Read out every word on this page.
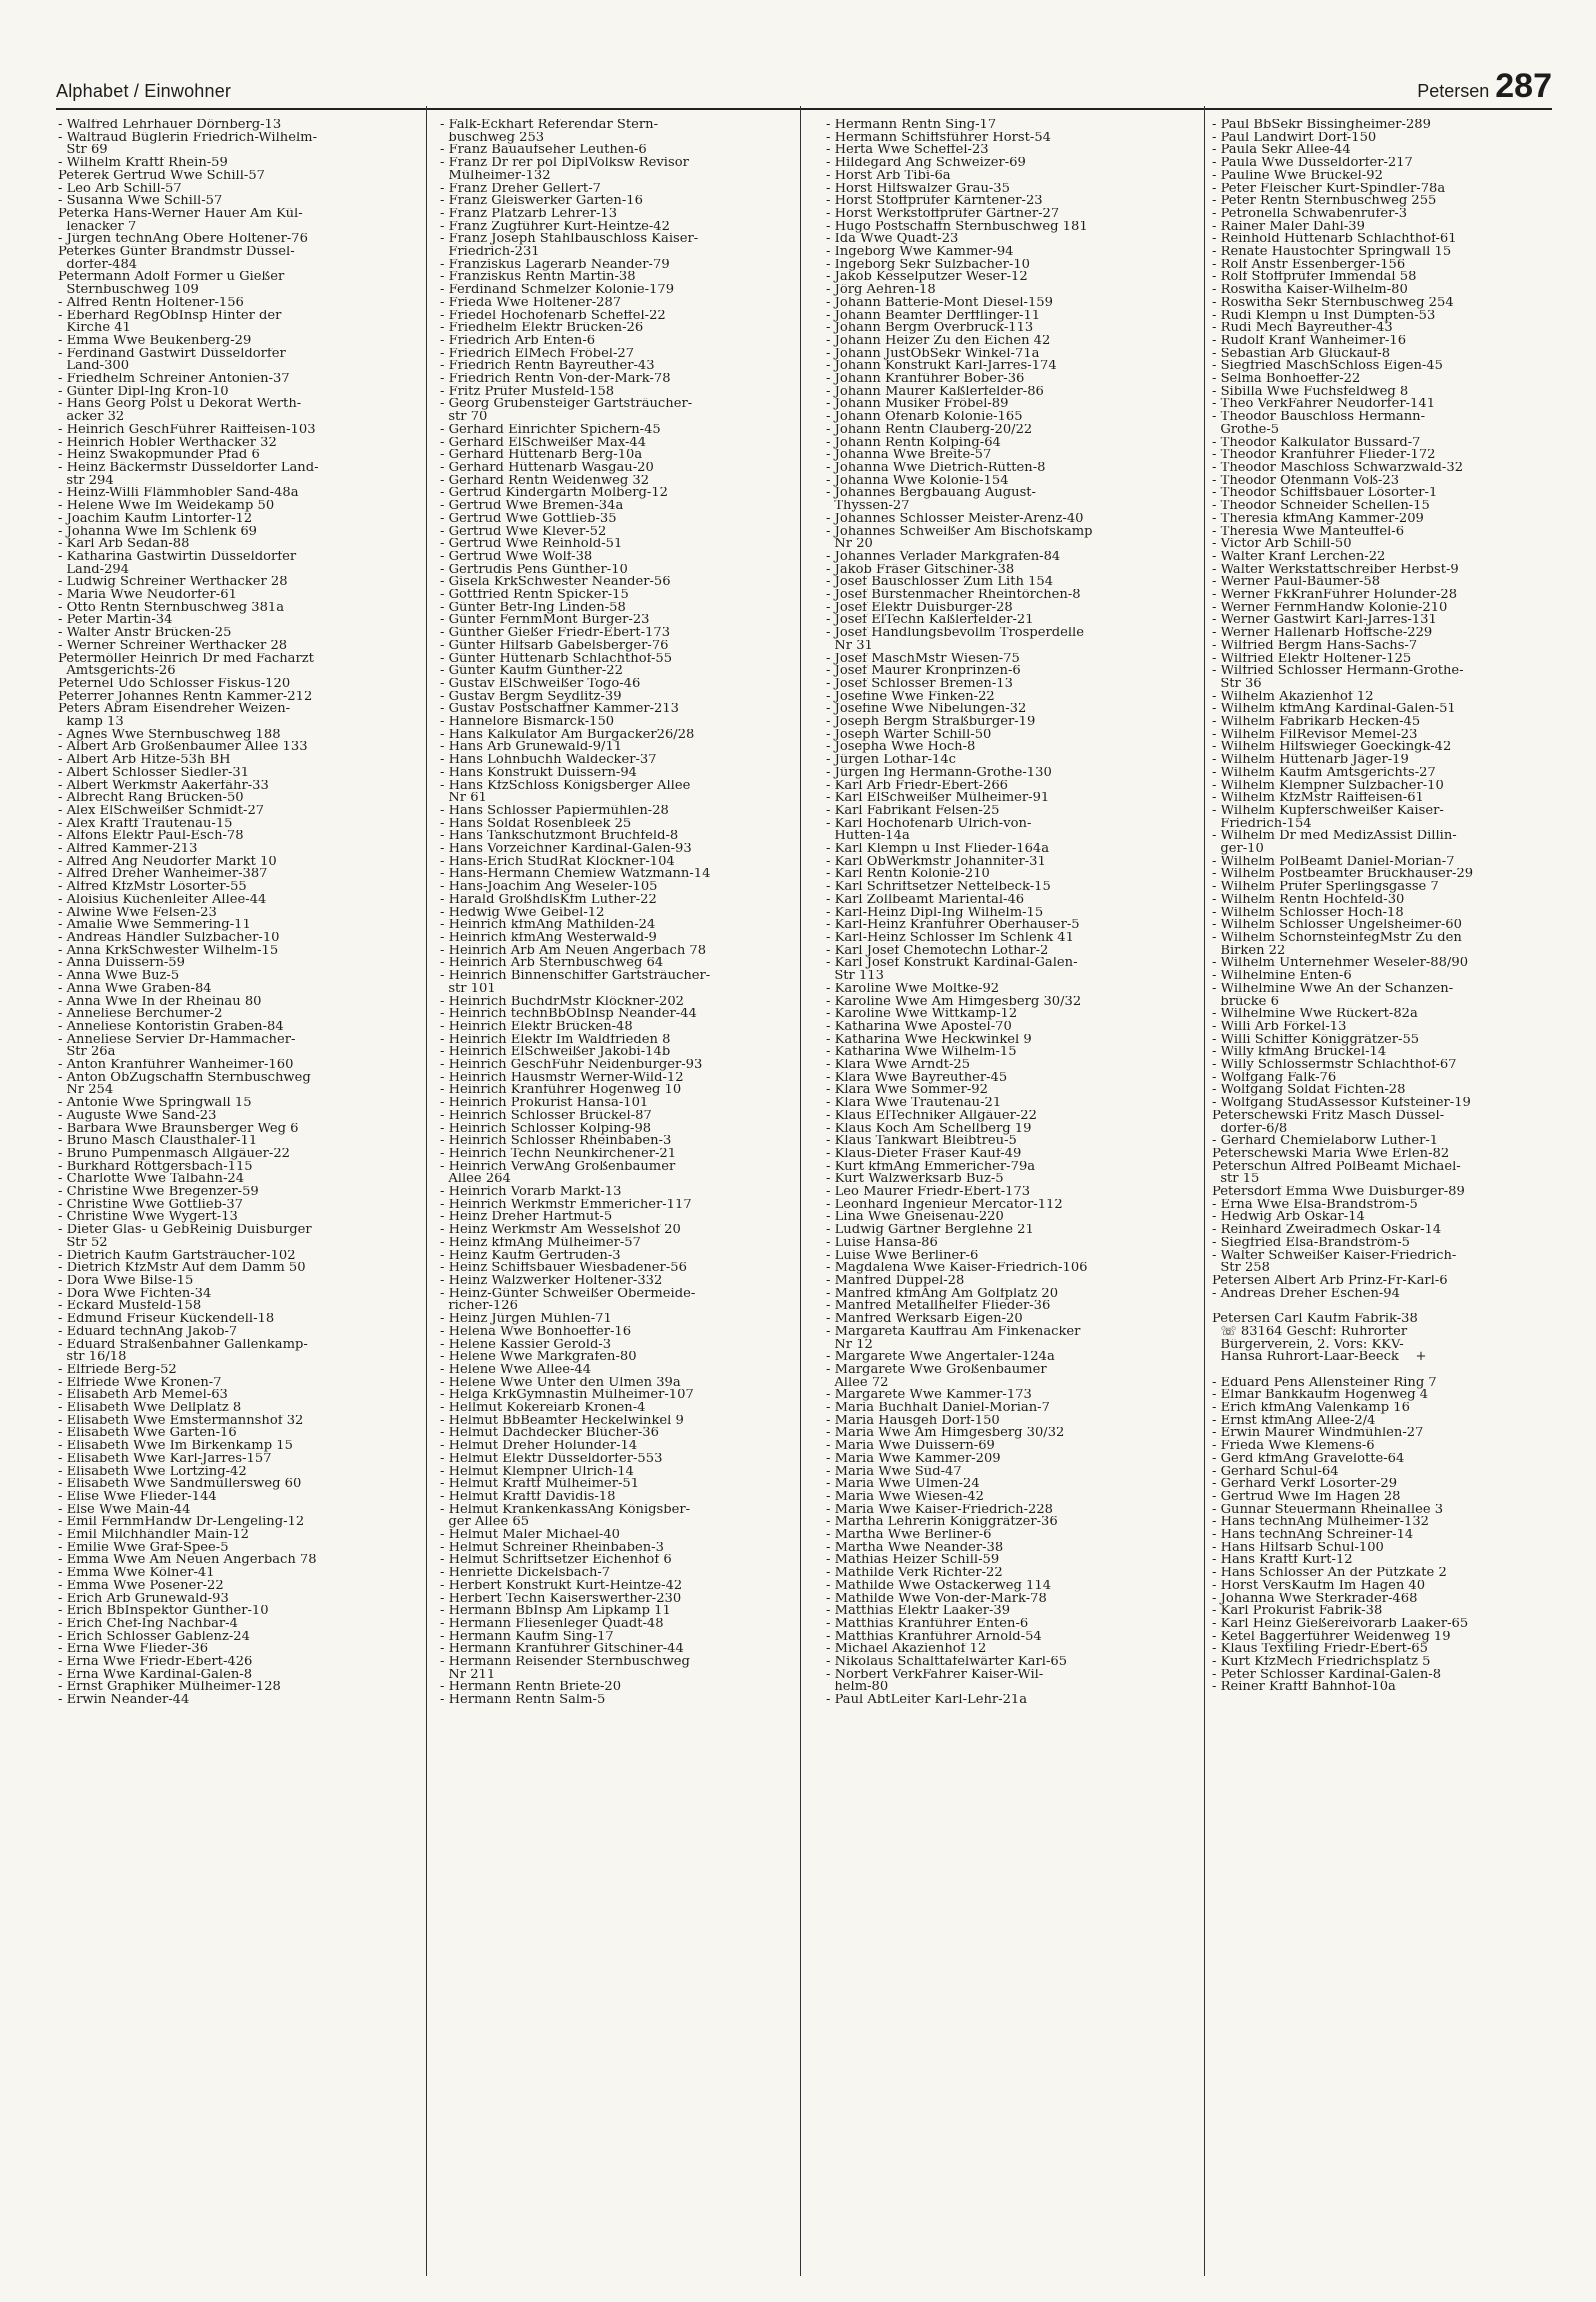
Alphabet / Einwohner	Petersen 287
- Walfred Lehrhauer Dörnberg-13
- Waltraud Büglerin Friedrich-Wilhelm-
Str 69
- Wilhelm Kraftf Rhein-59
Peterek Gertrud Wwe Schill-57
- Leo Arb Schill-57
- Susanna Wwe Schill-57
Peterka Hans-Werner Hauer Am Kül-
lenacker 7
- Jürgen technAng Obere Holtener-76
Peterkes Günter Brandmstr Düssel-
dorfer-484
Petermann Adolf Former u Gießer
Sternbuschweg 109
- Alfred Rentn Holtener-156
- Eberhard RegObInsp Hinter der
Kirche 41
- Emma Wwe Beukenberg-29
- Ferdinand Gastwirt Düsseldorfer
Land-300
- Friedhelm Schreiner Antonien-37
- Günter Dipl-Ing Kron-10
- Hans Georg Polst u Dekorat Werth-
acker 32
- Heinrich GeschFührer Raiffeisen-103
- Heinrich Hobler Werthacker 32
- Heinz Swakopmunder Pfad 6
- Heinz Bäckermstr Düsseldorfer Land-
str 294
- Heinz-Willi Flämmhobler Sand-48a
- Helene Wwe Im Weidekamp 50
- Joachim Kaufm Lintorfer-12
- Johanna Wwe Im Schlenk 69
- Karl Arb Sedan-88
- Katharina Gastwirtin Düsseldorfer
Land-294
- Ludwig Schreiner Werthacker 28
- Maria Wwe Neudorfer-61
- Otto Rentn Sternbuschweg 381a
- Peter Martin-34
- Walter Anstr Brücken-25
- Werner Schreiner Werthacker 28
Petermöller Heinrich Dr med Facharzt
Amtsgerichts-26
Peternel Udo Schlosser Fiskus-120
Peterrer Johannes Rentn Kammer-212
Peters Abram Eisendreher Weizen-
kamp 13
- Agnes Wwe Sternbuschweg 188
- Albert Arb Großenbaumer Allee 133
- Albert Arb Hitze-53h BH
- Albert Schlosser Siedler-31
- Albert Werkmstr Aakerfähr-33
- Albrecht Rang Brücken-50
- Alex ElSchweißer Schmidt-27
- Alex Kraftf Trautenau-15
- Alfons Elektr Paul-Esch-78
- Alfred Kammer-213
- Alfred Ang Neudorfer Markt 10
- Alfred Dreher Wanheimer-387
- Alfred KfzMstr Lösorter-55
- Aloisius Küchenleiter Allee-44
- Alwine Wwe Felsen-23
- Amalie Wwe Semmering-11
- Andreas Händler Sulzbacher-10
- Anna KrkSchwester Wilhelm-15
- Anna Duissern-59
- Anna Wwe Buz-5
- Anna Wwe Graben-84
- Anna Wwe In der Rheinau 80
- Anneliese Berchumer-2
- Anneliese Kontoristin Graben-84
- Anneliese Servier Dr-Hammacher-
Str 26a
- Anton Kranführer Wanheimer-160
- Anton ObZugschaffn Sternbuschweg
Nr 254
- Antonie Wwe Springwall 15
- Auguste Wwe Sand-23
- Barbara Wwe Braunsberger Weg 6
- Bruno Masch Clausthaler-11
- Bruno Pumpenmasch Allgäuer-22
- Burkhard Röttgersbach-115
- Charlotte Wwe Talbahn-24
- Christine Wwe Bregenzer-59
- Christine Wwe Gottlieb-37
- Christine Wwe Wygert-13
- Dieter Glas- u GebReinig Duisburger
Str 52
- Dietrich Kaufm Gartsträucher-102
- Dietrich KfzMstr Auf dem Damm 50
- Dora Wwe Bilse-15
- Dora Wwe Fichten-34
- Eckard Musfeld-158
- Edmund Friseur Kückendell-18
- Eduard technAng Jakob-7
- Eduard Straßenbahner Gallenkamp-
str 16/18
- Elfriede Berg-52
- Elfriede Wwe Kronen-7
- Elisabeth Arb Memel-63
- Elisabeth Wwe Dellplatz 8
- Elisabeth Wwe Emstermannshof 32
- Elisabeth Wwe Garten-16
- Elisabeth Wwe Im Birkenkamp 15
- Elisabeth Wwe Karl-Jarres-157
- Elisabeth Wwe Lortzing-42
- Elisabeth Wwe Sandmüllersweg 60
- Elise Wwe Flieder-144
- Else Wwe Main-44
- Emil FernmHandw Dr-Lengeling-12
- Emil Milchhändler Main-12
- Emilie Wwe Graf-Spee-5
- Emma Wwe Am Neuen Angerbach 78
- Emma Wwe Kölner-41
- Emma Wwe Posener-22
- Erich Arb Grunewald-93
- Erich BbInspektor Günther-10
- Erich Chef-Ing Nachbar-4
- Erich Schlosser Gablenz-24
- Erna Wwe Flieder-36
- Erna Wwe Friedr-Ebert-426
- Erna Wwe Kardinal-Galen-8
- Ernst Graphiker Mülheimer-128
- Erwin Neander-44
- Falk-Eckhart Referendar Stern-
buschweg 253
- Franz Bauaufseher Leuthen-6
- Franz Dr rer pol DiplVolksw Revisor
Mülheimer-132
- Franz Dreher Gellert-7
- Franz Gleiswerker Garten-16
- Franz Platzarb Lehrer-13
- Franz Zugführer Kurt-Heintze-42
- Franz Joseph Stahlbauschloss Kaiser-
Friedrich-231
- Franziskus Lagerarb Neander-79
- Franziskus Rentn Martin-38
- Ferdinand Schmelzer Kolonie-179
- Frieda Wwe Holtener-287
- Friedel Hochofenarb Scheffel-22
- Friedhelm Elektr Brücken-26
- Friedrich Arb Enten-6
- Friedrich ElMech Fröbel-27
- Friedrich Rentn Bayreuther-43
- Friedrich Rentn Von-der-Mark-78
- Fritz Prüfer Musfeld-158
- Georg Grubensteiger Gartsträucher-
str 70
- Gerhard Einrichter Spichern-45
- Gerhard ElSchweißer Max-44
- Gerhard Hüttenarb Berg-10a
- Gerhard Hüttenarb Wasgau-20
- Gerhard Rentn Weidenweg 32
- Gertrud Kindergärtn Molberg-12
- Gertrud Wwe Bremen-34a
- Gertrud Wwe Gottlieb-35
- Gertrud Wwe Klever-52
- Gertrud Wwe Reinhold-51
- Gertrud Wwe Wolf-38
- Gertrudis Pens Günther-10
- Gisela KrkSchwester Neander-56
- Gottfried Rentn Spicker-15
- Günter Betr-Ing Linden-58
- Günter FernmMont Bürger-23
- Günther Gießer Friedr-Ebert-173
- Günter Hilfsarb Gabelsberger-76
- Günter Hüttenarb Schlachthof-55
- Günter Kaufm Günther-22
- Gustav ElSchweißer Togo-46
- Gustav Bergm Seydlitz-39
- Gustav Postschaffner Kammer-213
- Hannelore Bismarck-150
- Hans Kalkulator Am Burgacker26/28
- Hans Arb Grunewald-9/11
- Hans Lohnbuchh Waldecker-37
- Hans Konstrukt Duissern-94
- Hans KfzSchloss Königsberger Allee
Nr 61
- Hans Schlosser Papiermühlen-28
- Hans Soldat Rosenbleek 25
- Hans Tankschutzmont Bruchfeld-8
- Hans Vorzeichner Kardinal-Galen-93
- Hans-Erich StudRat Klöckner-104
- Hans-Hermann Chemiew Watzmann-14
- Hans-Joachim Ang Weseler-105
- Harald GroßhdlsKfm Luther-22
- Hedwig Wwe Geibel-12
- Heinrich kfmAng Mathilden-24
- Heinrich kfmAng Westerwald-9
- Heinrich Arb Am Neuen Angerbach 78
- Heinrich Arb Sternbuschweg 64
- Heinrich Binnenschiffer Gartsträucher-
str 101
- Heinrich BuchdrMstr Klöckner-202
- Heinrich technBbObInsp Neander-44
- Heinrich Elektr Brücken-48
- Heinrich Elektr Im Waldfrieden 8
- Heinrich ElSchweißer Jakobi-14b
- Heinrich GeschFühr Neidenburger-93
- Heinrich Hausmstr Werner-Wild-12
- Heinrich Kranführer Hogenweg 10
- Heinrich Prokurist Hansa-101
- Heinrich Schlosser Brückel-87
- Heinrich Schlosser Kolping-98
- Heinrich Schlosser Rheinbaben-3
- Heinrich Techn Neunkirchener-21
- Heinrich VerwAng Großenbaumer
Allee 264
- Heinrich Vorarb Markt-13
- Heinrich Werkmstr Emmericher-117
- Heinz Dreher Hartmut-5
- Heinz Werkmstr Am Wesselshof 20
- Heinz kfmAng Mülheimer-57
- Heinz Kaufm Gertruden-3
- Heinz Schiffsbauer Wiesbadener-56
- Heinz Walzwerker Holtener-332
- Heinz-Günter Schweißer Obermeide-
richer-126
- Heinz Jürgen Mühlen-71
- Helena Wwe Bonhoeffer-16
- Helene Kassier Gerold-3
- Helene Wwe Markgrafen-80
- Helene Wwe Allee-44
- Helene Wwe Unter den Ulmen 39a
- Helga KrkGymnastin Mülheimer-107
- Hellmut Kokereiarb Kronen-4
- Helmut BbBeamter Heckelwinkel 9
- Helmut Dachdecker Blücher-36
- Helmut Dreher Holunder-14
- Helmut Elektr Düsseldorfer-553
- Helmut Klempner Ulrich-14
- Helmut Kraftf Mülheimer-51
- Helmut Kraftf Davidis-18
- Helmut KrankenkassAng Königsber-
ger Allee 65
- Helmut Maler Michael-40
- Helmut Schreiner Rheinbaben-3
- Helmut Schriftsetzer Eichenhof 6
- Henriette Dickelsbach-7
- Herbert Konstrukt Kurt-Heintze-42
- Herbert Techn Kaiserswerther-230
- Hermann BbInsp Am Lipkamp 11
- Hermann Fliesenleger Quadt-48
- Hermann Kaufm Sing-17
- Hermann Kranführer Gitschiner-44
- Hermann Reisender Sternbuschweg
Nr 211
- Hermann Rentn Briete-20
- Hermann Rentn Salm-5
- Hermann Rentn Sing-17
- Hermann Schiffsführer Horst-54
- Herta Wwe Scheffel-23
- Hildegard Ang Schweizer-69
- Horst Arb Tibi-6a
- Horst Hilfswalzer Grau-35
- Horst Stoffprüfer Kärntener-23
- Horst Werkstoffprüfer Gärtner-27
- Hugo Postschaffn Sternbuschweg 181
- Ida Wwe Quadt-23
- Ingeborg Wwe Kammer-94
- Ingeborg Sekr Sulzbacher-10
- Jakob Kesselputzer Weser-12
- Jörg Aehren-18
- Johann Batterie-Mont Diesel-159
- Johann Beamter Derfflinger-11
- Johann Bergm Overbruck-113
- Johann Heizer Zu den Eichen 42
- Johann JustObSekr Winkel-71a
- Johann Konstrukt Karl-Jarres-174
- Johann Kranführer Bober-36
- Johann Maurer Kaßlerfelder-86
- Johann Musiker Fröbel-89
- Johann Ofenarb Kolonie-165
- Johann Rentn Clauberg-20/22
- Johann Rentn Kolping-64
- Johanna Wwe Breite-57
- Johanna Wwe Dietrich-Rütten-8
- Johanna Wwe Kolonie-154
- Johannes Bergbauang August-
Thyssen-27
- Johannes Schlosser Meister-Arenz-40
- Johannes Schweißer Am Bischofskamp
Nr 20
- Johannes Verlader Markgrafen-84
- Jakob Fräser Gitschiner-38
- Josef Bauschlosser Zum Lith 154
- Josef Bürstenmacher Rheintörchen-8
- Josef Elektr Duisburger-28
- Josef ElTechn Kaßlerfelder-21
- Josef Handlungsbevollm Trosperdelle
Nr 31
- Josef MaschMstr Wiesen-75
- Josef Maurer Kronprinzen-6
- Josef Schlosser Bremen-13
- Josefine Wwe Finken-22
- Josefine Wwe Nibelungen-32
- Joseph Bergm Straßburger-19
- Joseph Wärter Schill-50
- Josepha Wwe Hoch-8
- Jürgen Lothar-14c
- Jürgen Ing Hermann-Grothe-130
- Karl Arb Friedr-Ebert-266
- Karl ElSchweißer Mülheimer-91
- Karl Fabrikant Felsen-25
- Karl Hochofenarb Ulrich-von-
Hutten-14a
- Karl Klempn u Inst Flieder-164a
- Karl ObWerkmstr Johanniter-31
- Karl Rentn Kolonie-210
- Karl Schriftsetzer Nettelbeck-15
- Karl Zollbeamt Mariental-46
- Karl-Heinz Dipl-Ing Wilhelm-15
- Karl-Heinz Kranführer Oberhauser-5
- Karl-Heinz Schlosser Im Schlenk 41
- Karl Josef Chemotechn Lothar-2
- Karl Josef Konstrukt Kardinal-Galen-
Str 113
- Karoline Wwe Moltke-92
- Karoline Wwe Am Himgesberg 30/32
- Karoline Wwe Wittkamp-12
- Katharina Wwe Apostel-70
- Katharina Wwe Heckwinkel 9
- Katharina Wwe Wilhelm-15
- Klara Wwe Arndt-25
- Klara Wwe Bayreuther-45
- Klara Wwe Sommer-92
- Klara Wwe Trautenau-21
- Klaus ElTechniker Allgäuer-22
- Klaus Koch Am Schellberg 19
- Klaus Tankwart Bleibtreu-5
- Klaus-Dieter Fräser Kauf-49
- Kurt kfmAng Emmericher-79a
- Kurt Walzwerksarb Buz-5
- Leo Maurer Friedr-Ebert-173
- Leonhard Ingenieur Mercator-112
- Lina Wwe Gneisenau-220
- Ludwig Gärtner Berglehne 21
- Luise Hansa-86
- Luise Wwe Berliner-6
- Magdalena Wwe Kaiser-Friedrich-106
- Manfred Düppel-28
- Manfred kfmAng Am Golfplatz 20
- Manfred Metallhelfer Flieder-36
- Manfred Werksarb Eigen-20
- Margareta Kauffrau Am Finkenacker
Nr 12
- Margarete Wwe Angertaler-124a
- Margarete Wwe Großenbaumer
Allee 72
- Margarete Wwe Kammer-173
- Maria Buchhalt Daniel-Morian-7
- Maria Hausgeh Dorf-150
- Maria Wwe Am Himgesberg 30/32
- Maria Wwe Duissern-69
- Maria Wwe Kammer-209
- Maria Wwe Süd-47
- Maria Wwe Ulmen-24
- Maria Wwe Wiesen-42
- Maria Wwe Kaiser-Friedrich-228
- Martha Lehrerin Königgrätzer-36
- Martha Wwe Berliner-6
- Martha Wwe Neander-38
- Mathias Heizer Schill-59
- Mathilde Verk Richter-22
- Mathilde Wwe Ostackerweg 114
- Mathilde Wwe Von-der-Mark-78
- Matthias Elektr Laaker-39
- Matthias Kranführer Enten-6
- Matthias Kranführer Arnold-54
- Michael Akazienhof 12
- Nikolaus Schalttafelwärter Karl-65
- Norbert VerkFahrer Kaiser-Wil-
helm-80
- Paul AbtLeiter Karl-Lehr-21a
- Paul BbSekr Bissingheimer-289
- Paul Landwirt Dorf-150
- Paula Sekr Allee-44
- Paula Wwe Düsseldorfer-217
- Pauline Wwe Brückel-92
- Peter Fleischer Kurt-Spindler-78a
- Peter Rentn Sternbuschweg 255
- Petronella Schwabenrufer-3
- Rainer Maler Dahl-39
- Reinhold Hüttenarb Schlachthof-61
- Renate Haustochter Springwall 15
- Rolf Anstr Essenberger-156
- Rolf Stoffprüfer Immendal 58
- Roswitha Kaiser-Wilhelm-80
- Roswitha Sekr Sternbuschweg 254
- Rudi Klempn u Inst Dümpten-53
- Rudi Mech Bayreuther-43
- Rudolf Kranf Wanheimer-16
- Sebastian Arb Glückauf-8
- Siegfried MaschSchloss Eigen-45
- Selma Bonhoeffer-22
- Sibilla Wwe Fuchsfeldweg 8
- Theo VerkFahrer Neudorfer-141
- Theodor Bauschloss Hermann-
Grothe-5
- Theodor Kalkulator Bussard-7
- Theodor Kranführer Flieder-172
- Theodor Maschloss Schwarzwald-32
- Theodor Ofenmann Voß-23
- Theodor Schiffsbauer Lösorter-1
- Theodor Schneider Schellen-15
- Theresia kfmAng Kammer-209
- Theresia Wwe Manteuffel-6
- Victor Arb Schill-50
- Walter Kranf Lerchen-22
- Walter Werkstattschreiber Herbst-9
- Werner Paul-Bäumer-58
- Werner FkKranFührer Holunder-28
- Werner FernmHandw Kolonie-210
- Werner Gastwirt Karl-Jarres-131
- Werner Hallenarb Hoffsche-229
- Wilfried Bergm Hans-Sachs-7
- Wilfried Elektr Holtener-125
- Wilfried Schlosser Hermann-Grothe-
Str 36
- Wilhelm Akazienhof 12
- Wilhelm kfmAng Kardinal-Galen-51
- Wilhelm Fabrikarb Hecken-45
- Wilhelm FilRevisor Memel-23
- Wilhelm Hilfswieger Goeckingk-42
- Wilhelm Hüttenarb Jäger-19
- Wilhelm Kaufm Amtsgerichts-27
- Wilhelm Klempner Sulzbacher-10
- Wilhelm KfzMstr Raiffeisen-61
- Wilhelm Kupferschweißer Kaiser-
Friedrich-154
- Wilhelm Dr med MedizAssist Dillin-
ger-10
- Wilhelm PolBeamt Daniel-Morian-7
- Wilhelm Postbeamter Brückhauser-29
- Wilhelm Prüfer Sperlingsgasse 7
- Wilhelm Rentn Hochfeld-30
- Wilhelm Schlosser Hoch-18
- Wilhelm Schlosser Ungelsheimer-60
- Wilhelm SchornsteinfegMstr Zu den
Birken 22
- Wilhelm Unternehmer Weseler-88/90
- Wilhelmine Enten-6
- Wilhelmine Wwe An der Schanzen-
brücke 6
- Wilhelmine Wwe Rückert-82a
- Willi Arb Förkel-13
- Willi Schiffer Königgrätzer-55
- Willy kfmAng Brückel-14
- Willy Schlossermstr Schlachthof-67
- Wolfgang Falk-76
- Wolfgang Soldat Fichten-28
- Wolfgang StudAssessor Kufsteiner-19
Peterschewski Fritz Masch Düssel-
dorfer-6/8
- Gerhard Chemielaborw Luther-1
Peterschewski Maria Wwe Erlen-82
Peterschun Alfred PolBeamt Michael-
str 15
Petersdorf Emma Wwe Duisburger-89
- Erna Wwe Elsa-Brandström-5
- Hedwig Arb Oskar-14
- Reinhard Zweiradmech Oskar-14
- Siegfried Elsa-Brandström-5
- Walter Schweißer Kaiser-Friedrich-
Str 258
Petersen Albert Arb Prinz-Fr-Karl-6
- Andreas Dreher Eschen-94

Petersen Carl Kaufm Fabrik-38
☏ 83164 Geschf: Ruhrorter
Bürgerverein, 2. Vors: KKV-
Hansa Ruhrort-Laar-Beeck    +

- Eduard Pens Allensteiner Ring 7
- Elmar Bankkaufm Hogenweg 4
- Erich kfmAng Valenkamp 16
- Ernst kfmAng Allee-2/4
- Erwin Maurer Windmühlen-27
- Frieda Wwe Klemens-6
- Gerd kfmAng Gravelotte-64
- Gerhard Schul-64
- Gerhard Verkf Lösorter-29
- Gertrud Wwe Im Hagen 28
- Gunnar Steuermann Rheinallee 3
- Hans technAng Mülheimer-132
- Hans technAng Schreiner-14
- Hans Hilfsarb Schul-100
- Hans Kraftf Kurt-12
- Hans Schlosser An der Pützkate 2
- Horst VersKaufm Im Hagen 40
- Johanna Wwe Sterkrader-468
- Karl Prokurist Fabrik-38
- Karl Heinz Gießereivorarb Laaker-65
- Ketel Baggerführer Weidenweg 19
- Klaus Textiling Friedr-Ebert-65
- Kurt KfzMech Friedrichsplatz 5
- Peter Schlosser Kardinal-Galen-8
- Reiner Kraftf Bahnhof-10a
